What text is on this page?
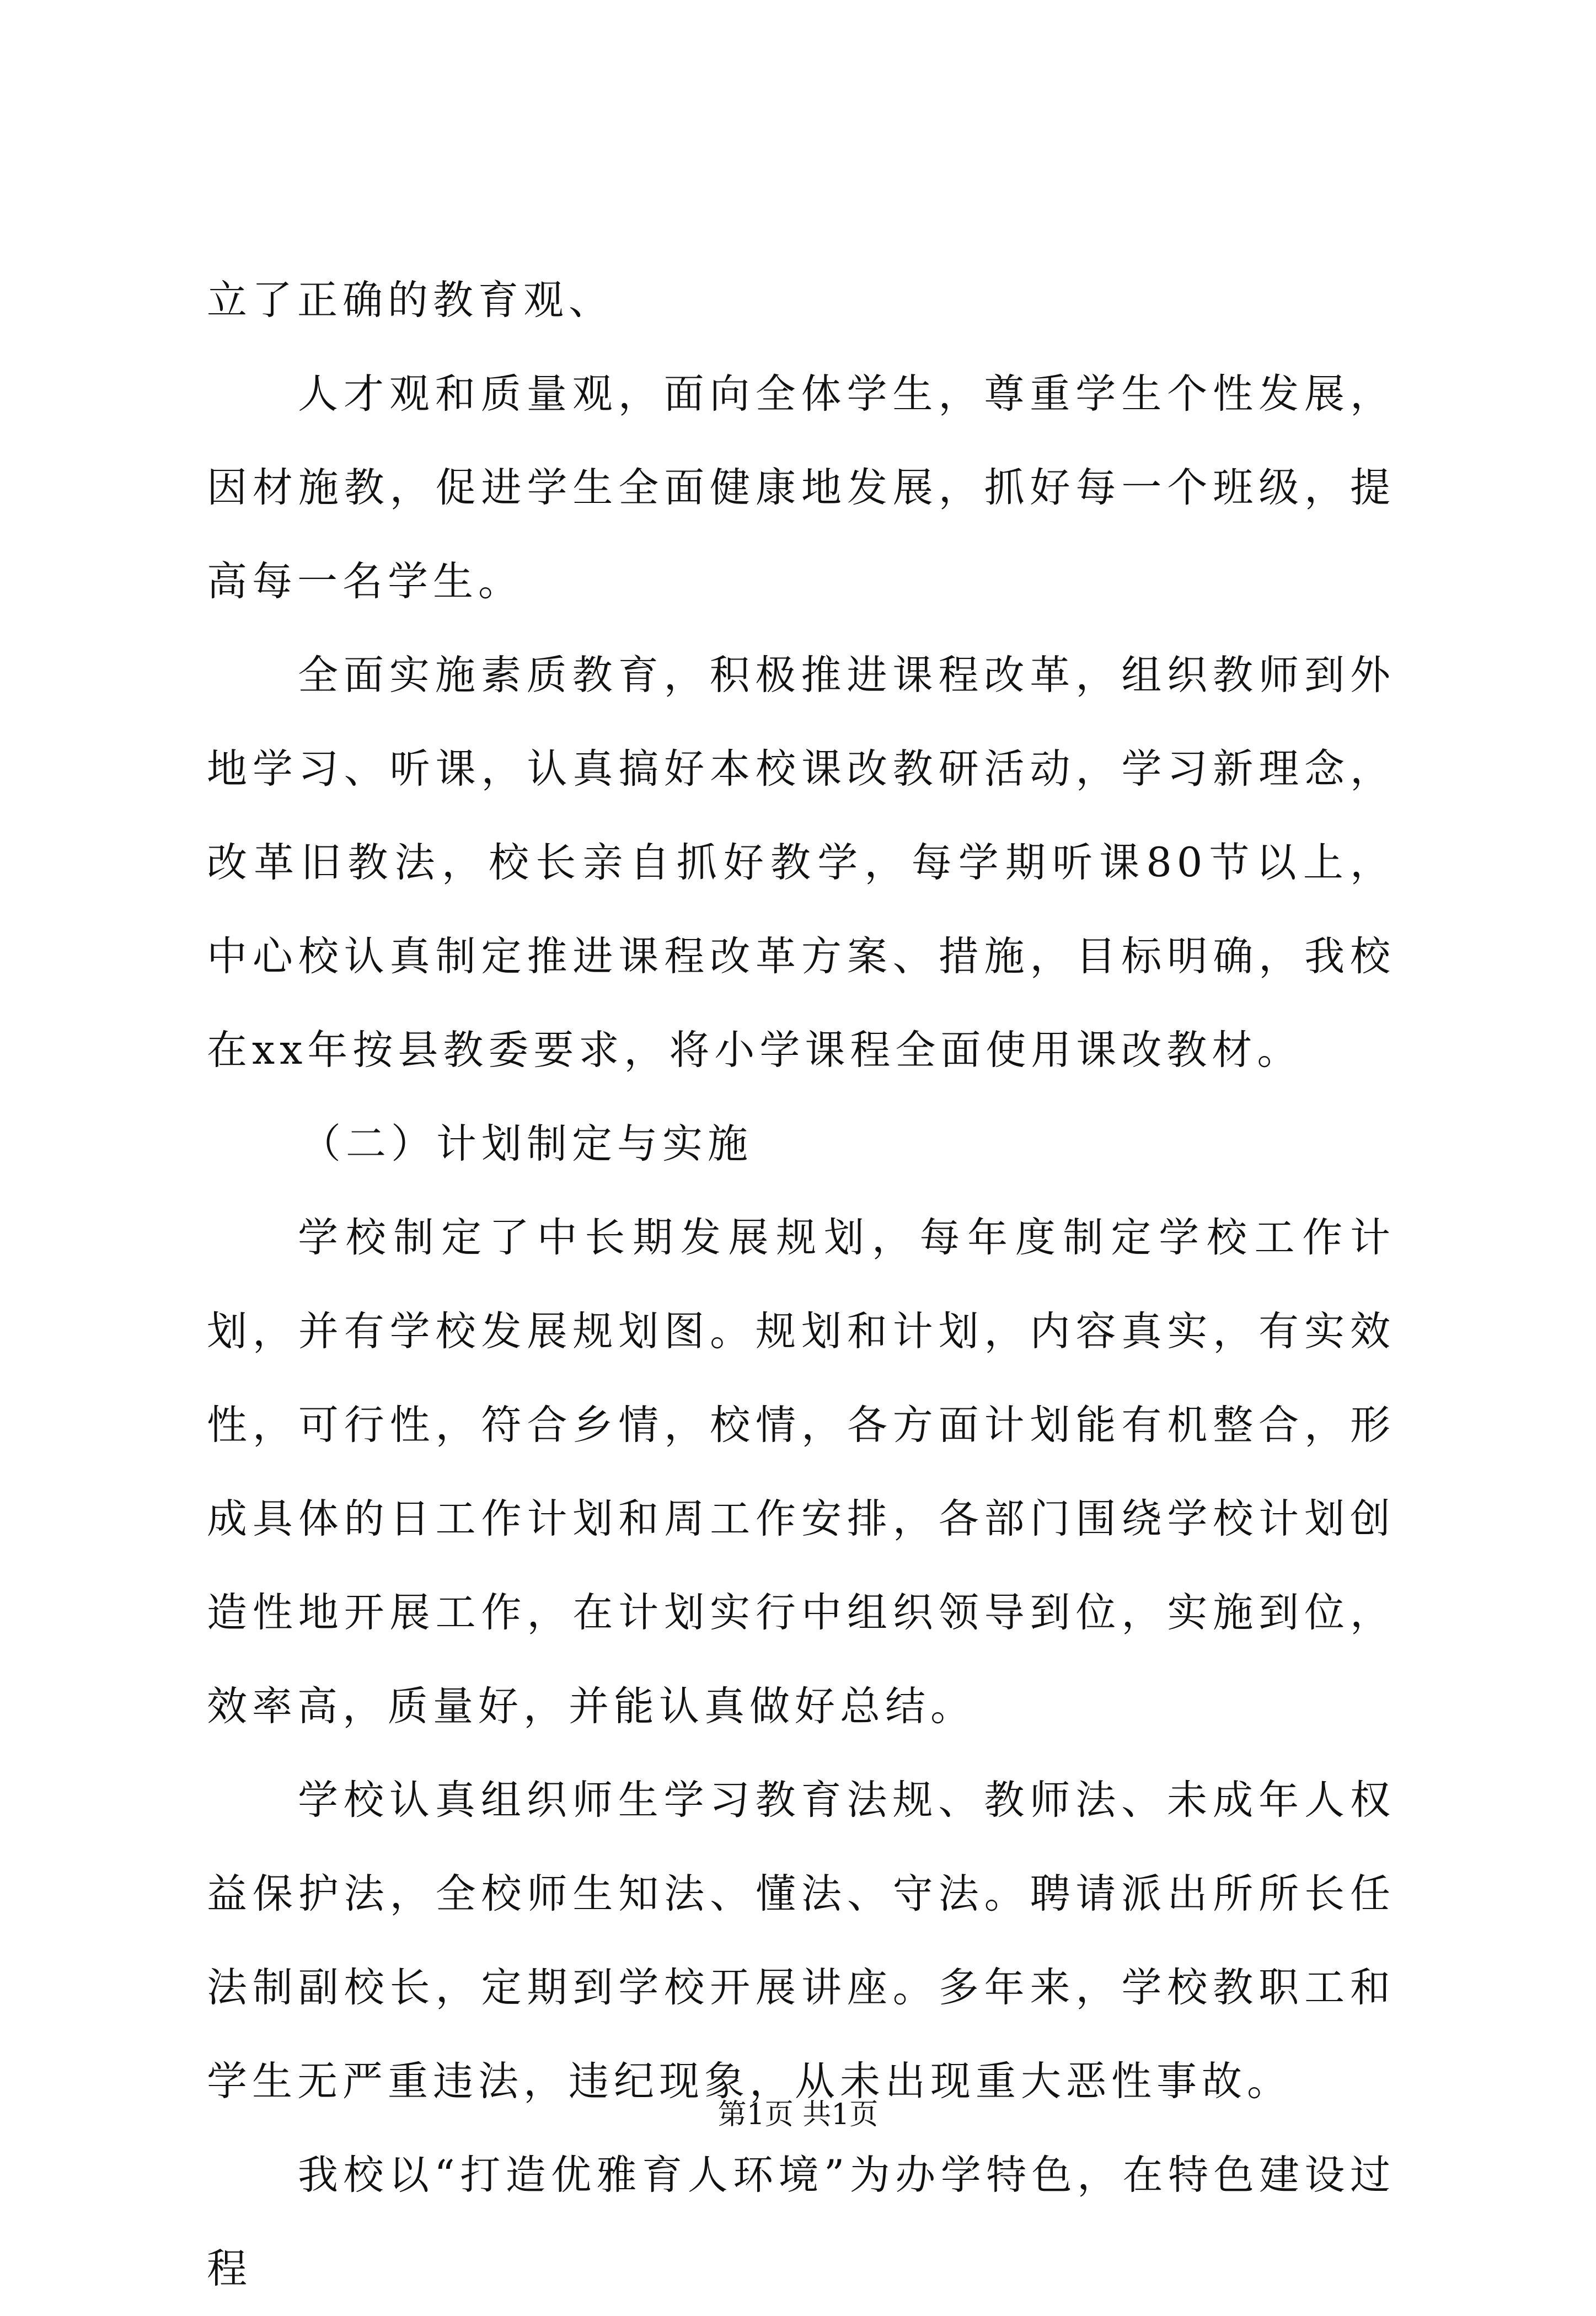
立了正确的教育观、

人才观和质量观，面向全体学生，尊重学生个性发展，因材施教，促进学生全面健康地发展，抓好每一个班级，提高每一名学生。

全面实施素质教育，积极推进课程改革，组织教师到外地学习、听课，认真搞好本校课改教研活动，学习新理念，改革旧教法，校长亲自抓好教学，每学期听课80节以上，中心校认真制定推进课程改革方案、措施，目标明确，我校在xx年按县教委要求，将小学课程全面使用课改教材。

（二）计划制定与实施

学校制定了中长期发展规划，每年度制定学校工作计划，并有学校发展规划图。规划和计划，内容真实，有实效性，可行性，符合乡情，校情，各方面计划能有机整合，形成具体的日工作计划和周工作安排，各部门围绕学校计划创造性地开展工作，在计划实行中组织领导到位，实施到位，效率高，质量好，并能认真做好总结。

学校认真组织师生学习教育法规、教师法、未成年人权益保护法，全校师生知法、懂法、守法。聘请派出所所长任法制副校长，定期到学校开展讲座。多年来，学校教职工和学生无严重违法，违纪现象，从未出现重大恶性事故。

我校以“打造优雅育人环境”为办学特色，在特色建设过程

第1页 共1页
